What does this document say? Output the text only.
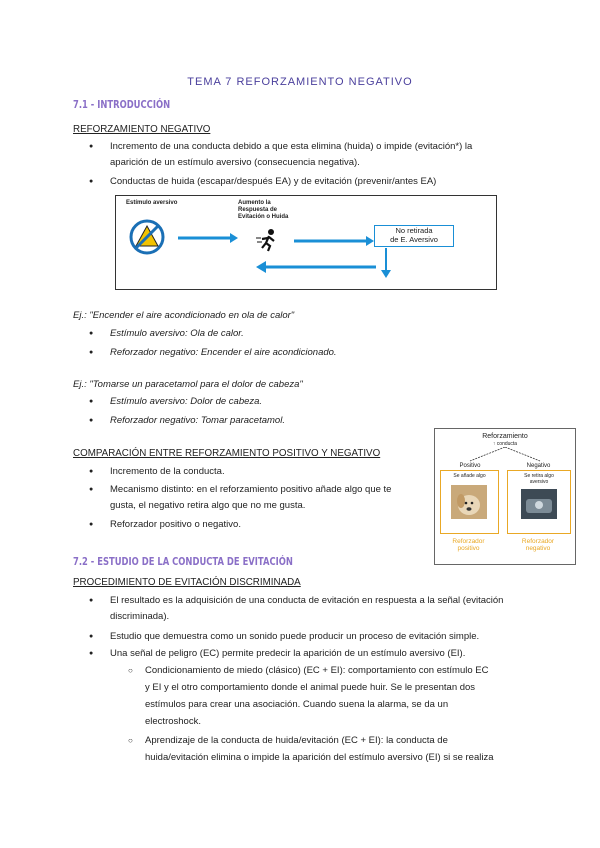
TEMA 7 REFORZAMIENTO NEGATIVO
7.1 - INTRODUCCIÓN
REFORZAMIENTO NEGATIVO
● Incremento de una conducta debido a que esta elimina (huida) o impide (evitación*) la
aparición de un estímulo aversivo (consecuencia negativa).
● Conductas de huida (escapar/después EA) y de evitación (prevenir/antes EA)
Estímulo aversivo	Aumento la
Respuesta de
Evitación o Huida
No retirada
de E. Aversivo
Ej.: "Encender el aire acondicionado en ola de calor"
● Estímulo aversivo: Ola de calor.
● Reforzador negativo: Encender el aire acondicionado.
Ej.: "Tomarse un paracetamol para el dolor de cabeza"
● Estímulo aversivo: Dolor de cabeza.
● Reforzador negativo: Tomar paracetamol.
COMPARACIÓN ENTRE REFORZAMIENTO POSITIVO Y NEGATIVO
● Incremento de la conducta.
● Mecanismo distinto: en el reforzamiento positivo añade algo que te
gusta, el negativo retira algo que no me gusta.
● Reforzador positivo o negativo.
Reforzamiento
↑ conducta
Positivo	Negativo
Se añade algo	Se retira algo
aversivo
Reforzador
positivo
Reforzador
negativo
7.2 - ESTUDIO DE LA CONDUCTA DE EVITACIÓN
PROCEDIMIENTO DE EVITACIÓN DISCRIMINADA
● El resultado es la adquisición de una conducta de evitación en respuesta a la señal (evitación
discriminada).
● Estudio que demuestra como un sonido puede producir un proceso de evitación simple.
● Una señal de peligro (EC) permite predecir la aparición de un estímulo aversivo (EI).
○ Condicionamiento de miedo (clásico) (EC + EI): comportamiento con estímulo EC
y EI y el otro comportamiento donde el animal puede huir. Se le presentan dos
estímulos para crear una asociación. Cuando suena la alarma, se da un
electroshock.
○ Aprendizaje de la conducta de huida/evitación (EC + EI): la conducta de
huida/evitación elimina o impide la aparición del estímulo aversivo (EI) si se realiza
